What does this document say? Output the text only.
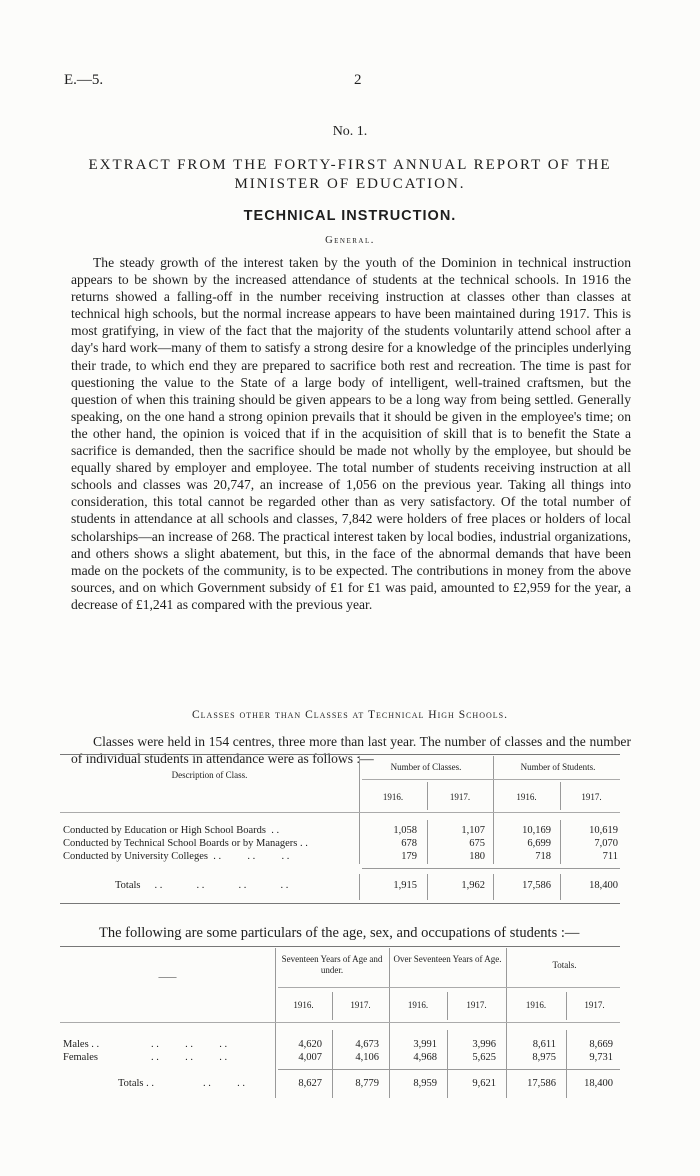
E.—5.	2
No. 1.
EXTRACT FROM THE FORTY-FIRST ANNUAL REPORT OF THE
MINISTER OF EDUCATION.
TECHNICAL INSTRUCTION.
General.

The steady growth of the interest taken by the youth of the Dominion in technical instruction appears to be shown by the increased attendance of students at the technical schools. In 1916 the returns showed a falling-off in the number receiving instruction at classes other than classes at technical high schools, but the normal increase appears to have been maintained during 1917. This is most gratifying, in view of the fact that the majority of the students voluntarily attend school after a day's hard work—many of them to satisfy a strong desire for a knowledge of the principles underlying their trade, to which end they are prepared to sacrifice both rest and recreation. The time is past for questioning the value to the State of a large body of intelligent, well-trained craftsmen, but the question of when this training should be given appears to be a long way from being settled. Generally speaking, on the one hand a strong opinion prevails that it should be given in the employee's time; on the other hand, the opinion is voiced that if in the acquisition of skill that is to benefit the State a sacrifice is demanded, then the sacrifice should be made not wholly by the employee, but should be equally shared by employer and employee. The total number of students receiving instruction at all schools and classes was 20,747, an increase of 1,056 on the previous year. Taking all things into consideration, this total cannot be regarded other than as very satisfactory. Of the total number of students in attendance at all schools and classes, 7,842 were holders of free places or holders of local scholarships—an increase of 268. The practical interest taken by local bodies, industrial organizations, and others shows a slight abatement, but this, in the face of the abnormal demands that have been made on the pockets of the community, is to be expected. The contributions in money from the above sources, and on which Government subsidy of £1 for £1 was paid, amounted to £2,959 for the year, a decrease of £1,241 as compared with the previous year.

Classes other than Classes at Technical High Schools.

Classes were held in 154 centres, three more than last year. The number of classes and the number of individual students in attendance were as follows :—

Description of Class.
Number of Classes.	Number of Students.
1916.	1917.	1916.	1917.
Conducted by Education or High School Boards  . .	1,058	1,107	10,169	10,619
Conducted by Technical School Boards or by Managers . .	678	675	6,699	7,070
Conducted by University Colleges  . .          . .          . .	179	180	718	711
Totals . .             . .             . .             . .	1,915	1,962	17,586	18,400
The following are some particulars of the age, sex, and occupations of students :—
Seventeen Years of Age and under.
Over Seventeen Years of Age.
Totals.
——
1916.	1917.	1916.	1917.	1916.	1917.
Males . .	. .          . .          . .	4,620	4,673	3,991	3,996	8,611	8,669
Females	. .          . .          . .	4,007	4,106	4,968	5,625	8,975	9,731
Totals . .	. .          . .	8,627	8,779	8,959	9,621	17,586	18,400
